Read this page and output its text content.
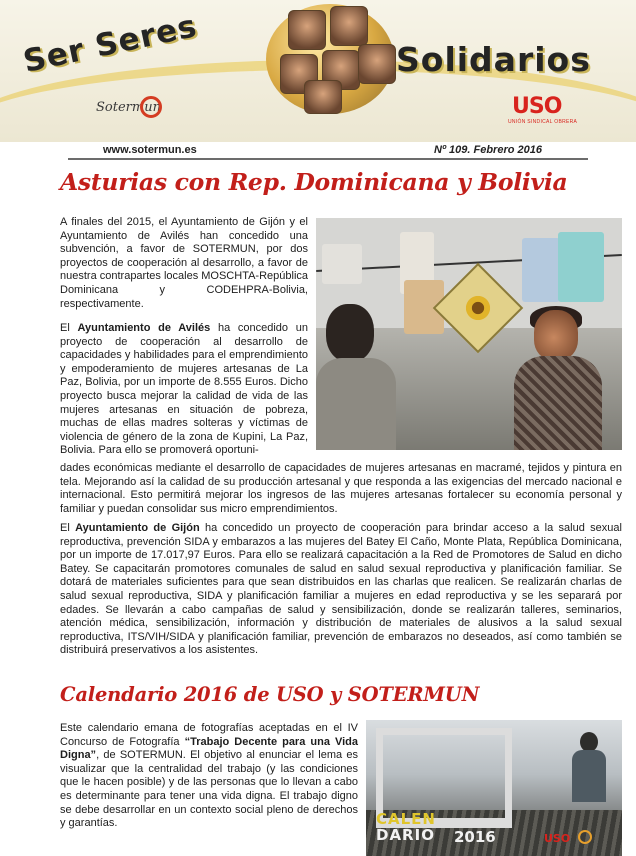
Ser Seres	Solidarios
Sotermun	USO
UNIÓN SINDICAL OBRERA
www.sotermun.es	Nº 109. Febrero 2016
Asturias con Rep. Dominicana y Bolivia
A finales del 2015, el Ayuntamiento de Gijón y el Ayuntamiento de Avilés han concedido una subvención, a favor de SOTERMUN, por dos proyectos de cooperación al desarrollo, a favor de nuestra contrapartes locales MOSCHTA-República Dominicana y CODEHPRA-Bolivia, respectivamente.
El Ayuntamiento de Avilés ha concedido un proyecto de cooperación al desarrollo de capacidades y habilidades para el emprendimiento y empoderamiento de mujeres artesanas de La Paz, Bolivia, por un importe de 8.555 Euros. Dicho proyecto busca mejorar la calidad de vida de las mujeres artesanas en situación de pobreza, muchas de ellas madres solteras y víctimas de violencia de género de la zona de Kupini, La Paz, Bolivia. Para ello se promoverá oportuni-
dades económicas mediante el desarrollo de capacidades de mujeres artesanas en macramé, tejidos y pintura en tela. Mejorando así la calidad de su producción artesanal y que responda a las exigencias del mercado nacional e internacional. Esto permitirá mejorar los ingresos de las mujeres artesanas fortalecer su economía personal y familiar y puedan consolidar sus micro emprendimientos.
El Ayuntamiento de Gijón ha concedido un proyecto de cooperación para brindar acceso a la salud sexual reproductiva, prevención SIDA y embarazos a las mujeres del Batey El Caño, Monte Plata, República Dominicana, por un importe de 17.017,97 Euros. Para ello se realizará capacitación a la Red de Promotores de Salud en dicho Batey. Se capacitarán promotores comunales de salud en salud sexual reproductiva y planificación familiar. Se dotará de materiales suficientes para que sean distribuidos en las charlas que realicen. Se realizarán charlas de salud sexual reproductiva, SIDA y planificación familiar a mujeres en edad reproductiva y se les separará por edades. Se llevarán a cabo campañas de salud y sensibilización, donde se realizarán talleres, seminarios, atención médica, sensibilización, información y distribución de materiales de alusivos a la salud sexual reproductiva, ITS/VIH/SIDA y planificación familiar, prevención de embarazos no deseados, así como también se distribuirá preservativos a los asistentes.
Calendario 2016 de USO y SOTERMUN
Este calendario emana de fotografías aceptadas en el IV Concurso de Fotografía “Trabajo Decente para una Vida Digna”, de SOTERMUN. El objetivo al enunciar el lema es visualizar que la centralidad del trabajo (y las condiciones que le hacen posible) y de las personas que lo llevan a cabo es determinante para tener una vida digna. El trabajo digno se debe desarrollar en un contexto social pleno de derechos y garantías.	CALEN
DARIO 2016	USO
